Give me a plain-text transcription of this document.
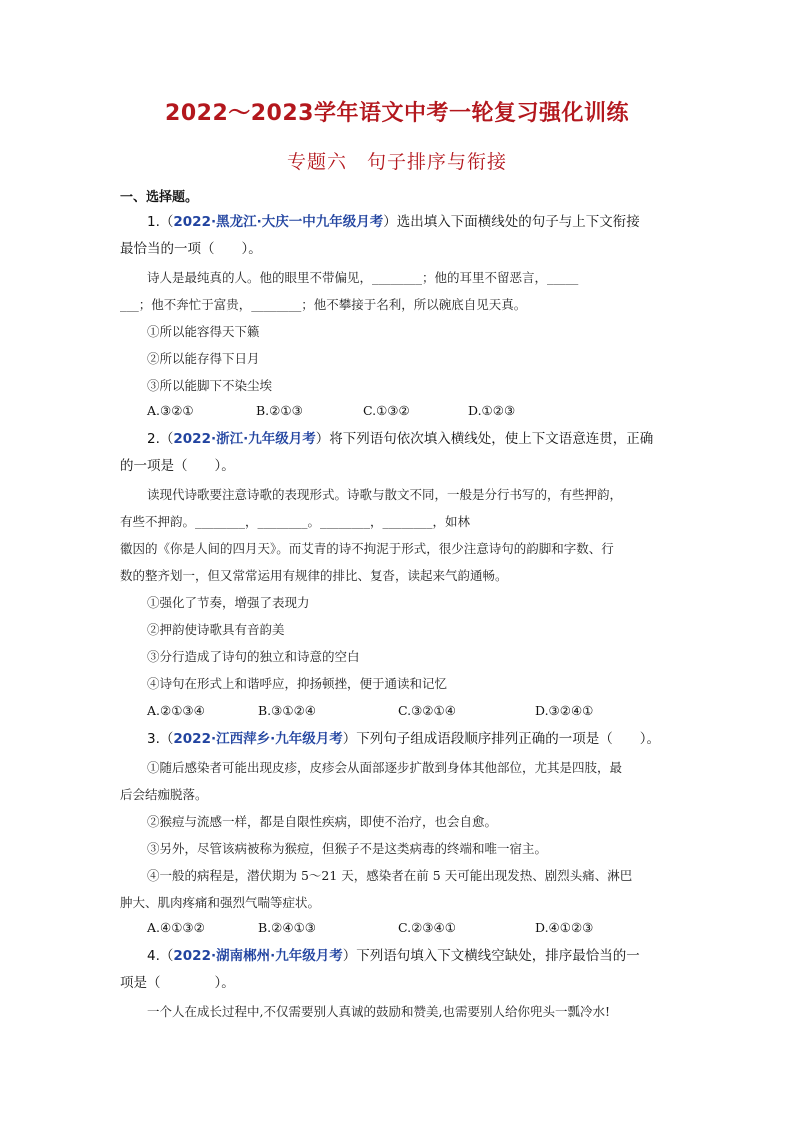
2022～2023学年语文中考一轮复习强化训练
专题六　句子排序与衔接
一、选择题。
1.（2022·黑龙江·大庆一中九年级月考）选出填入下面横线处的句子与上下文衔接
最恰当的一项（　　）。
诗人是最纯真的人。他的眼里不带偏见，________；他的耳里不留恶言，_____
___；他不奔忙于富贵，________；他不攀接于名利，所以碗底自见天真。
①所以能容得天下籁
②所以能存得下日月
③所以能脚下不染尘埃
A.③②①	B.②①③	C.①③②	D.①②③
2.（2022·浙江·九年级月考）将下列语句依次填入横线处，使上下文语意连贯，正确
的一项是（　　）。
读现代诗歌要注意诗歌的表现形式。诗歌与散文不同，一般是分行书写的，有些押韵，
有些不押韵。________，________。________，________，如林
徽因的《你是人间的四月天》。而艾青的诗不拘泥于形式，很少注意诗句的韵脚和字数、行
数的整齐划一，但又常常运用有规律的排比、复沓，读起来气韵通畅。
①强化了节奏，增强了表现力
②押韵使诗歌具有音韵美
③分行造成了诗句的独立和诗意的空白
④诗句在形式上和谐呼应，抑扬顿挫，便于通读和记忆
A.②①③④	B.③①②④	C.③②①④	D.③②④①
3.（2022·江西萍乡·九年级月考）下列句子组成语段顺序排列正确的一项是（　　）。
①随后感染者可能出现皮疹，皮疹会从面部逐步扩散到身体其他部位，尤其是四肢，最
后会结痂脱落。
②猴痘与流感一样，都是自限性疾病，即使不治疗，也会自愈。
③另外，尽管该病被称为猴痘，但猴子不是这类病毒的终端和唯一宿主。
④一般的病程是，潜伏期为 5～21 天，感染者在前 5 天可能出现发热、剧烈头痛、淋巴
肿大、肌肉疼痛和强烈气喘等症状。
A.④①③②	B.②④①③	C.②③④①	D.④①②③
4.（2022·湖南郴州·九年级月考）下列语句填入下文横线空缺处，排序最恰当的一
项是（　　　　）。
一个人在成长过程中,不仅需要别人真诚的鼓励和赞美,也需要别人给你兜头一瓢冷水!
